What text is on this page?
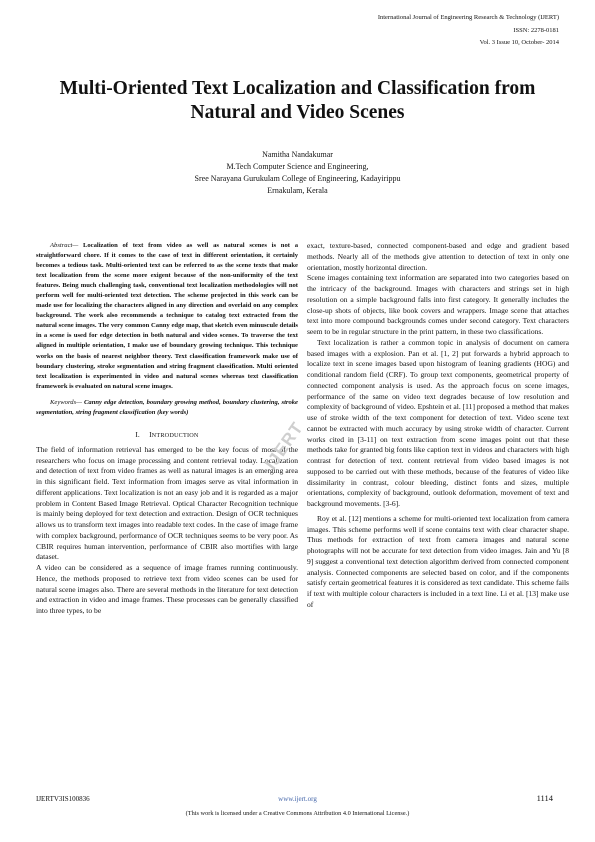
International Journal of Engineering Research & Technology (IJERT)
ISSN: 2278-0181
Vol. 3 Issue 10, October- 2014
Multi-Oriented Text Localization and Classification from Natural and Video Scenes
Namitha Nandakumar
M.Tech Computer Science and Engineering,
Sree Narayana Gurukulam College of Engineering, Kadayirippu
Ernakulam, Kerala

Abstract— Localization of text from video as well as natural scenes is not a straightforward chore. If it comes to the case of text in different orientation, it certainly becomes a tedious task. Multi-oriented text can be referred to as the scene texts that make text localization from the scene more exigent because of the non-uniformity of the text features. Being much challenging task, conventional text localization methodologies will not perform well for multi-oriented text detection. The scheme projected in this work can be made use for localizing the characters aligned in any direction and overlaid on any complex background. The work also recommends a technique to catalog text extracted from the natural scene images. The very common Canny edge map, that sketch even minuscule details in a scene is used for edge detection in both natural and video scenes. To traverse the text aligned in multiple orientation, I make use of boundary growing technique. This technique works on the basis of nearest neighbor theory. Text classification framework make use of boundary clustering, stroke segmentation and string fragment classification. Multi oriented text localization is experimented in video and natural scenes whereas text classification framework is evaluated on natural scene images.

Keywords— Canny edge detection, boundary growing method, boundary clustering, stroke segmentation, string fragment classification (key words)

I. INTRODUCTION

The field of information retrieval has emerged to be the key focus of most of the researchers who focus on image processing and content retrieval today. Localization and detection of text from video frames as well as natural images is an emerging area in this significant field. Text information from images serve as vital information in different applications. Text localization is not an easy job and it is regarded as a major problem in Content Based Image Retrieval. Optical Character Recognition technique is mainly being deployed for text detection and extraction. Design of OCR techniques allows us to transform text images into readable text codes. In the case of image frame with complex background, performance of OCR techniques seems to be very poor. As CBIR requires human intervention, performance of CBIR also mortifies with large dataset.

A video can be considered as a sequence of image frames running continuously. Hence, the methods proposed to retrieve text from video scenes can be used for natural scene images also. There are several methods in the literature for text detection and extraction in video and image frames. These processes can be generally classified into three types, to be

exact, texture-based, connected component-based and edge and gradient based methods. Nearly all of the methods give attention to detection of text in only one orientation, mostly horizontal direction.

Scene images containing text information are separated into two categories based on the intricacy of the background. Images with characters and strings set in high resolution on a simple background falls into first category. It generally includes the close-up shots of objects, like book covers and wrappers. Image scene that attaches text into more compound backgrounds comes under second category. Text characters seem to be in regular structure in the print pattern, in these two classifications.

Text localization is rather a common topic in analysis of document on camera based images with a explosion. Pan et al. [1, 2] put forwards a hybrid approach to localize text in scene images based upon histogram of leaning gradients (HOG) and conditional random field (CRF). To group text components, geometrical property of connected component analysis is used. As the approach focus on scene images, performance of the same on video text degrades because of low resolution and complexity of background of video. Epshtein et al. [11] proposed a method that makes use of stroke width of the text component for detection of text. Video scene text cannot be extracted with much accuracy by using stroke width of character. Current works cited in [3-11] on text extraction from scene images point out that these methods take for granted big fonts like caption text in videos and characters with high contrast for detection of text. content retrieval from video based images is not supposed to be carried out with these methods, because of the features of video like dissimilarity in contrast, colour bleeding, distinct fonts and sizes, multiple orientations, complexity of background, outlook deformation, movement of text and background movements. [3-6].

Roy et al. [12] mentions a scheme for multi-oriented text localization from camera images. This scheme performs well if scene contains text with clear character shape. Thus methods for extraction of text from camera images and natural scene photographs will not be accurate for text detection from video images. Jain and Yu [8 9] suggest a conventional text detection algorithm derived from connected component analysis. Connected components are selected based on color, and if the components satisfy certain geometrical features it is considered as text candidate. This scheme fails if text with multiple colour characters is included in a text line. Li et al. [13] make use of

IJERT
IJERTV3IS100836	www.ijert.org	1114
(This work is licensed under a Creative Commons Attribution 4.0 International License.)
